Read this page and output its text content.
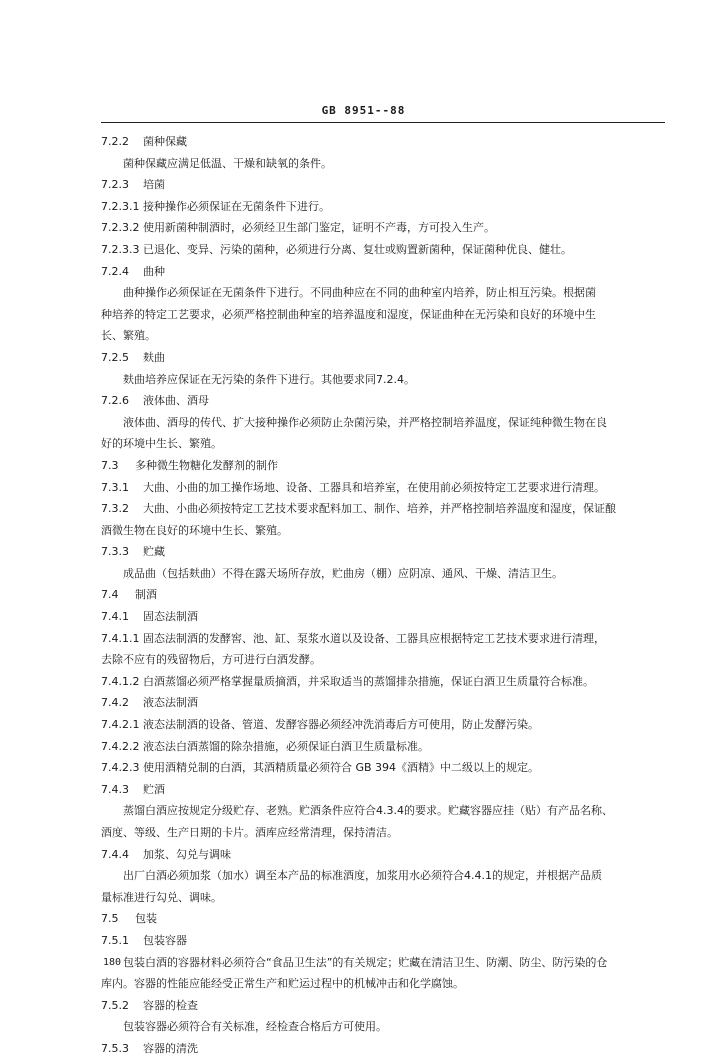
GB 8951--88
7.2.2 菌种保藏
菌种保藏应满足低温、干燥和缺氧的条件。
7.2.3 培菌
7.2.3.1 接种操作必须保证在无菌条件下进行。
7.2.3.2 使用新菌种制酒时，必须经卫生部门鉴定，证明不产毒，方可投入生产。
7.2.3.3 已退化、变异、污染的菌种，必须进行分离、复壮或购置新菌种，保证菌种优良、健壮。
7.2.4 曲种
曲种操作必须保证在无菌条件下进行。不同曲种应在不同的曲种室内培养，防止相互污染。根据菌
种培养的特定工艺要求，必须严格控制曲种室的培养温度和湿度，保证曲种在无污染和良好的环境中生
长、繁殖。
7.2.5 麸曲
麸曲培养应保证在无污染的条件下进行。其他要求同7.2.4。
7.2.6 液体曲、酒母
液体曲、酒母的传代、扩大接种操作必须防止杂菌污染，并严格控制培养温度，保证纯种微生物在良
好的环境中生长、繁殖。
7.3 多种微生物糖化发酵剂的制作
7.3.1 大曲、小曲的加工操作场地、设备、工器具和培养室，在使用前必须按特定工艺要求进行清理。
7.3.2 大曲、小曲必须按特定工艺技术要求配料加工、制作、培养，并严格控制培养温度和湿度，保证酿
酒微生物在良好的环境中生长、繁殖。
7.3.3 贮藏
成品曲（包括麸曲）不得在露天场所存放，贮曲房（棚）应阴凉、通风、干燥、清洁卫生。
7.4 制酒
7.4.1 固态法制酒
7.4.1.1 固态法制酒的发酵窖、池、缸、泵浆水道以及设备、工器具应根据特定工艺技术要求进行清理，
去除不应有的残留物后，方可进行白酒发酵。
7.4.1.2 白酒蒸馏必须严格掌握量质摘酒，并采取适当的蒸馏排杂措施，保证白酒卫生质量符合标准。
7.4.2 液态法制酒
7.4.2.1 液态法制酒的设备、管道、发酵容器必须经冲洗消毒后方可使用，防止发酵污染。
7.4.2.2 液态法白酒蒸馏的除杂措施，必须保证白酒卫生质量标准。
7.4.2.3 使用酒精兑制的白酒，其酒精质量必须符合 GB 394《酒精》中二级以上的规定。
7.4.3 贮酒
蒸馏白酒应按规定分级贮存、老熟。贮酒条件应符合4.3.4的要求。贮藏容器应挂（贴）有产品名称、
酒度、等级、生产日期的卡片。酒库应经常清理，保持清洁。
7.4.4 加浆、勾兑与调味
出厂白酒必须加浆（加水）调至本产品的标准酒度，加浆用水必须符合4.4.1的规定，并根据产品质
量标准进行勾兑、调味。
7.5 包装
7.5.1 包装容器
包装白酒的容器材料必须符合“食品卫生法”的有关规定；贮藏在清洁卫生、防潮、防尘、防污染的仓
库内。容器的性能应能经受正常生产和贮运过程中的机械冲击和化学腐蚀。
7.5.2 容器的检查
包装容器必须符合有关标准，经检查合格后方可使用。
7.5.3 容器的清洗
180
